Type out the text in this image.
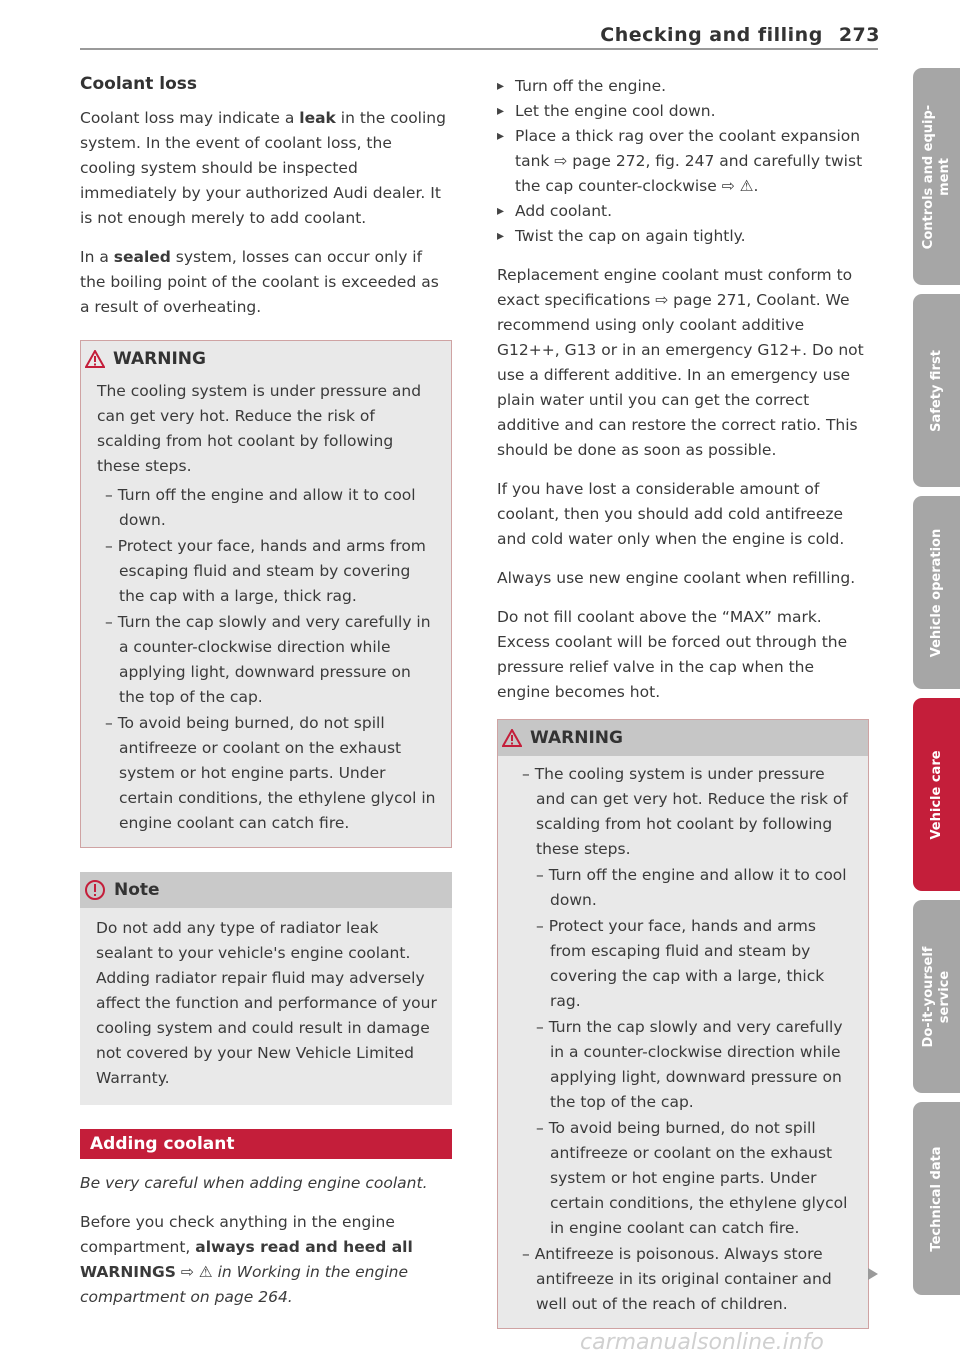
Checking and filling 273
Coolant loss

Coolant loss may indicate a leak in the cooling system. In the event of coolant loss, the cooling system should be inspected immediately by your authorized Audi dealer. It is not enough merely to add coolant.

In a sealed system, losses can occur only if the boiling point of the coolant is exceeded as a result of overheating.

WARNING

The cooling system is under pressure and can get very hot. Reduce the risk of scalding from hot coolant by following these steps.

– Turn off the engine and allow it to cool down.
– Protect your face, hands and arms from escaping fluid and steam by covering the cap with a large, thick rag.
– Turn the cap slowly and very carefully in a counter-clockwise direction while applying light, downward pressure on the top of the cap.
– To avoid being burned, do not spill antifreeze or coolant on the exhaust system or hot engine parts. Under certain conditions, the ethylene glycol in engine coolant can catch fire.
Note

Do not add any type of radiator leak sealant to your vehicle's engine coolant. Adding radiator repair fluid may adversely affect the function and performance of your cooling system and could result in damage not covered by your New Vehicle Limited Warranty.

Adding coolant

Be very careful when adding engine coolant.

Before you check anything in the engine compartment, always read and heed all WARNINGS ⇨ ⚠ in Working in the engine compartment on page 264.

▸ Turn off the engine.
▸ Let the engine cool down.
▸ Place a thick rag over the coolant expansion tank ⇨ page 272, fig. 247 and carefully twist the cap counter-clockwise ⇨ ⚠.
▸ Add coolant.
▸ Twist the cap on again tightly.

Replacement engine coolant must conform to exact specifications ⇨ page 271, Coolant. We recommend using only coolant additive G12++, G13 or in an emergency G12+. Do not use a different additive. In an emergency use plain water until you can get the correct additive and can restore the correct ratio. This should be done as soon as possible.

If you have lost a considerable amount of coolant, then you should add cold antifreeze and cold water only when the engine is cold.

Always use new engine coolant when refilling.

Do not fill coolant above the “MAX” mark. Excess coolant will be forced out through the pressure relief valve in the cap when the engine becomes hot.

WARNING
– The cooling system is under pressure and can get very hot. Reduce the risk of scalding from hot coolant by following these steps.
– Turn off the engine and allow it to cool down.
– Protect your face, hands and arms from escaping fluid and steam by covering the cap with a large, thick rag.
– Turn the cap slowly and very carefully in a counter-clockwise direction while applying light, downward pressure on the top of the cap.
– To avoid being burned, do not spill antifreeze or coolant on the exhaust system or hot engine parts. Under certain conditions, the ethylene glycol in engine coolant can catch fire.
– Antifreeze is poisonous. Always store antifreeze in its original container and well out of the reach of children.
Controls and equip-
ment
Safety first
Vehicle operation
Vehicle care
Do-it-yourself
service
Technical data
carmanualsonline.info
